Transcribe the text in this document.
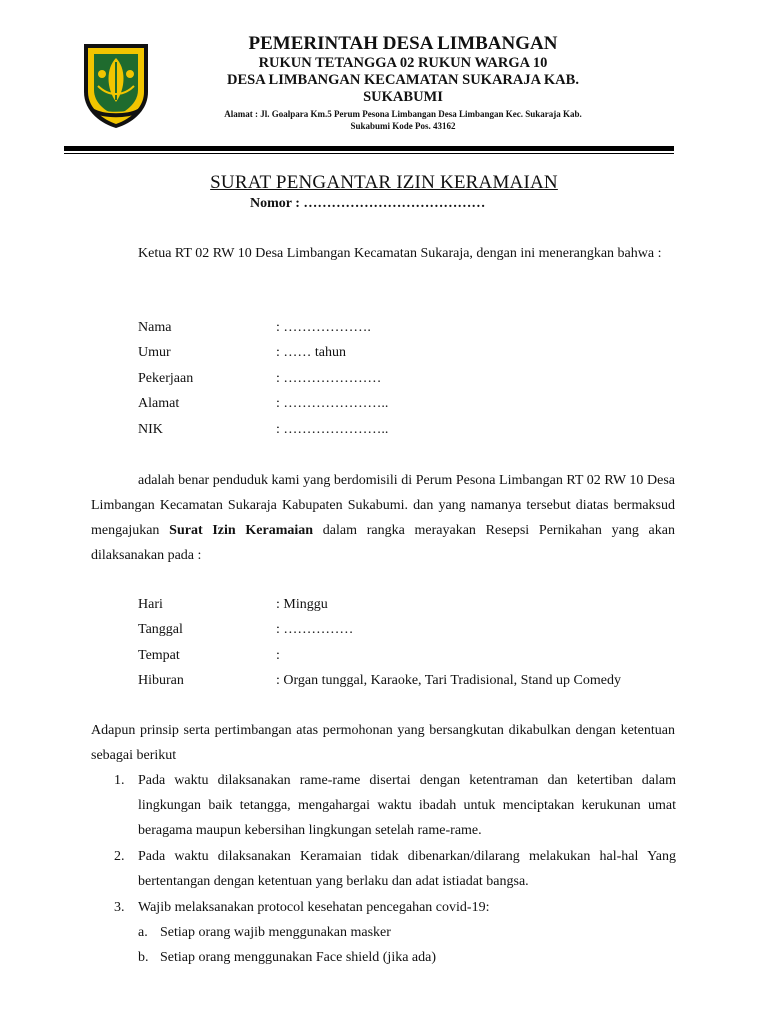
PEMERINTAH DESA LIMBANGAN
RUKUN TETANGGA 02 RUKUN WARGA 10
DESA LIMBANGAN KECAMATAN SUKARAJA KAB.
SUKABUMI
Alamat : Jl. Goalpara Km.5 Perum Pesona Limbangan Desa Limbangan Kec. Sukaraja Kab.
Sukabumi Kode Pos. 43162
SURAT PENGANTAR IZIN KERAMAIAN
Nomor : …………………………………
Ketua RT 02 RW 10 Desa Limbangan Kecamatan Sukaraja, dengan ini menerangkan bahwa :
Nama	: ……………….
Umur	: …… tahun
Pekerjaan	: …………………
Alamat	: …………………..
NIK	: …………………..
adalah benar penduduk kami yang berdomisili di Perum Pesona Limbangan RT 02 RW 10 Desa Limbangan Kecamatan Sukaraja Kabupaten Sukabumi. dan yang namanya tersebut diatas bermaksud mengajukan Surat Izin Keramaian dalam rangka merayakan Resepsi Pernikahan yang akan dilaksanakan pada :
Hari	: Minggu
Tanggal	: ……………
Tempat	:
Hiburan	: Organ tunggal, Karaoke, Tari Tradisional, Stand up Comedy
Adapun prinsip serta pertimbangan atas permohonan yang bersangkutan dikabulkan dengan ketentuan sebagai berikut
1. Pada waktu dilaksanakan rame-rame disertai dengan ketentraman dan ketertiban dalam lingkungan baik tetangga, mengahargai waktu ibadah untuk menciptakan kerukunan umat beragama maupun kebersihan lingkungan setelah rame-rame.
2. Pada waktu dilaksanakan Keramaian tidak dibenarkan/dilarang melakukan hal-hal Yang bertentangan dengan ketentuan yang berlaku dan adat istiadat bangsa.
3. Wajib melaksanakan protocol kesehatan pencegahan covid-19:
a. Setiap orang wajib menggunakan masker
b. Setiap orang menggunakan Face shield (jika ada)
